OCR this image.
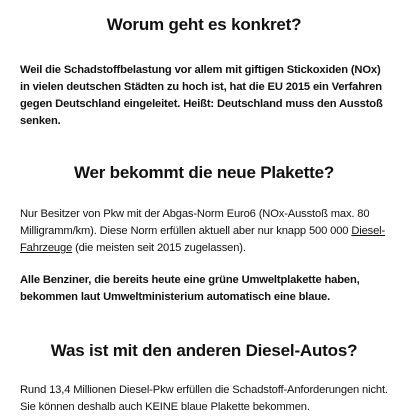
Worum geht es konkret?

Weil die Schadstoffbelastung vor allem mit giftigen Stickoxiden (NOx) in vielen deutschen Städten zu hoch ist, hat die EU 2015 ein Verfahren gegen Deutschland eingeleitet. Heißt: Deutschland muss den Ausstoß senken.

Wer bekommt die neue Plakette?

Nur Besitzer von Pkw mit der Abgas-Norm Euro6 (NOx-Ausstoß max. 80 Milligramm/km). Diese Norm erfüllen aktuell aber nur knapp 500 000 Diesel-Fahrzeuge (die meisten seit 2015 zugelassen).

Alle Benziner, die bereits heute eine grüne Umweltplakette haben, bekommen laut Umweltministerium automatisch eine blaue.

Was ist mit den anderen Diesel-Autos?

Rund 13,4 Millionen Diesel-Pkw erfüllen die Schadstoff-Anforderungen nicht. Sie können deshalb auch KEINE blaue Plakette bekommen.
